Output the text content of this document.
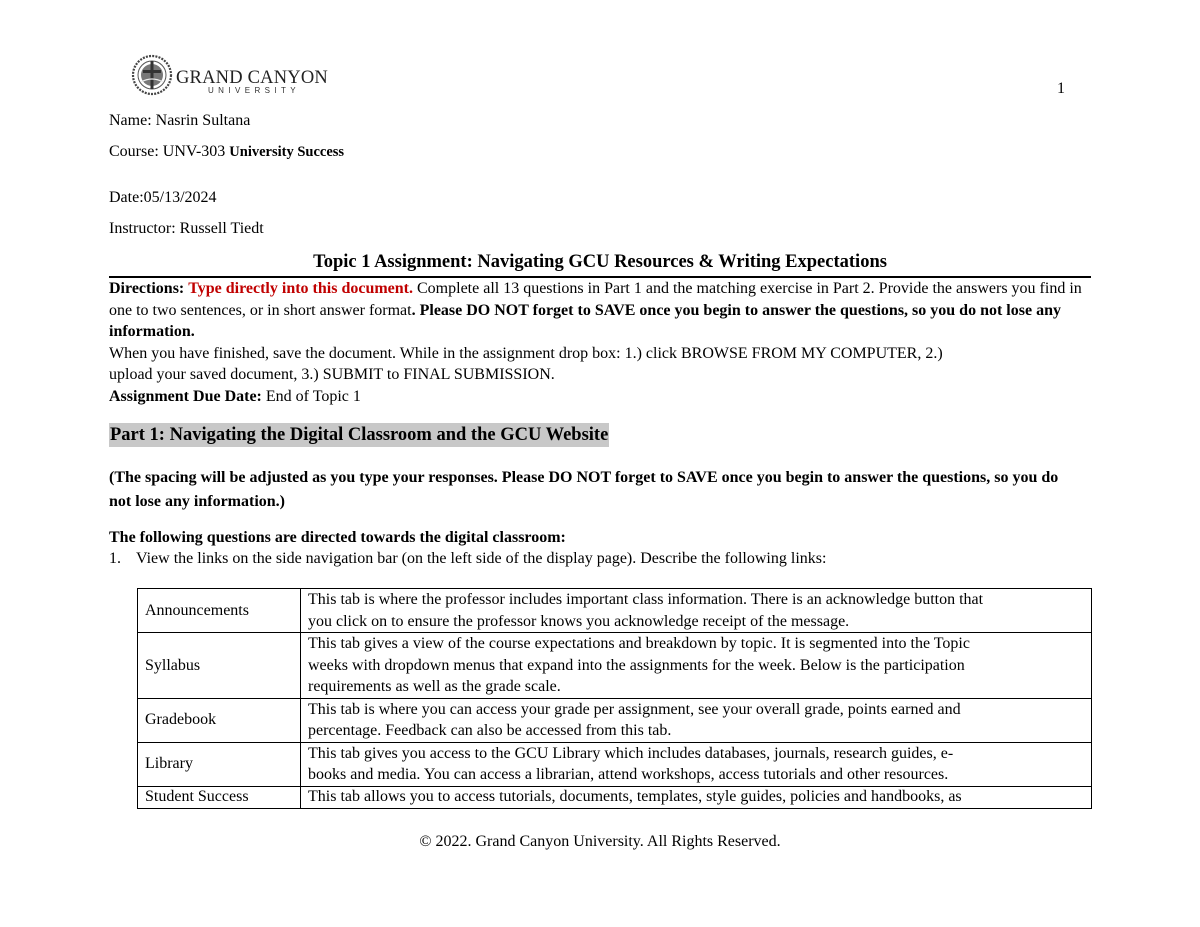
GRAND CANYON
UNIVERSITY	1
Name: Nasrin Sultana
Course: UNV-303 University Success
Date:05/13/2024
Instructor: Russell Tiedt
Topic 1 Assignment: Navigating GCU Resources & Writing Expectations
Directions: Type directly into this document. Complete all 13 questions in Part 1 and the matching exercise in Part 2. Provide the answers you find in one to two sentences, or in short answer format. Please DO NOT forget to SAVE once you begin to answer the questions, so you do not lose any information.
When you have finished, save the document. While in the assignment drop box: 1.) click BROWSE FROM MY COMPUTER, 2.)
upload your saved document, 3.) SUBMIT to FINAL SUBMISSION.
Assignment Due Date: End of Topic 1
Part 1: Navigating the Digital Classroom and the GCU Website
(The spacing will be adjusted as you type your responses. Please DO NOT forget to SAVE once you begin to answer the questions, so you do not lose any information.)
The following questions are directed towards the digital classroom:
1. View the links on the side navigation bar (on the left side of the display page). Describe the following links:
Announcements	This tab is where the professor includes important class information. There is an acknowledge button that
you click on to ensure the professor knows you acknowledge receipt of the message.

Syllabus	This tab gives a view of the course expectations and breakdown by topic. It is segmented into the Topic
weeks with dropdown menus that expand into the assignments for the week. Below is the participation
requirements as well as the grade scale.

Gradebook	This tab is where you can access your grade per assignment, see your overall grade, points earned and
percentage. Feedback can also be accessed from this tab.

Library	This tab gives you access to the GCU Library which includes databases, journals, research guides, e-
books and media. You can access a librarian, attend workshops, access tutorials and other resources.

Student Success	This tab allows you to access tutorials, documents, templates, style guides, policies and handbooks, as
© 2022. Grand Canyon University. All Rights Reserved.
